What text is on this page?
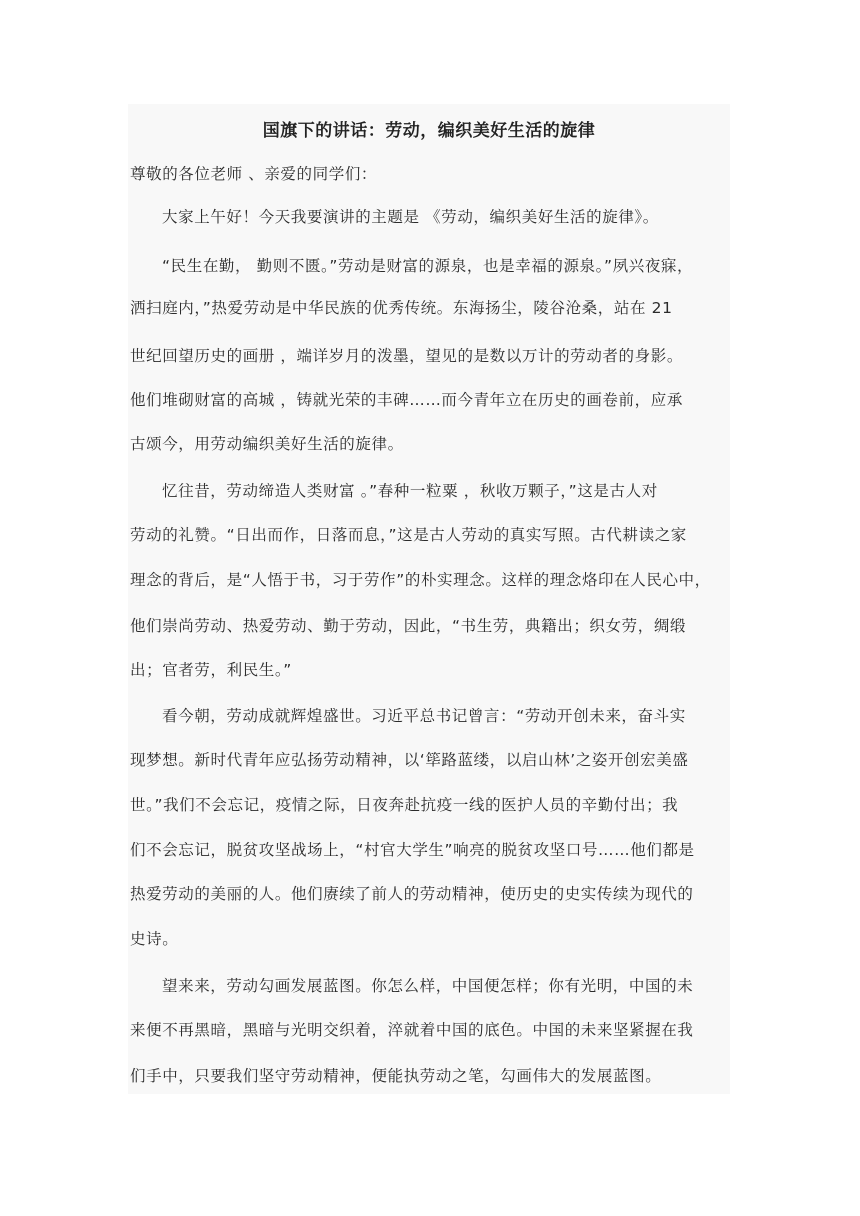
国旗下的讲话：劳动，编织美好生活的旋律
尊敬的各位老师 、亲爱的同学们：
大家上午好！今天我要演讲的主题是 《劳动，编织美好生活的旋律》。
“民生在勤， 勤则不匮。”劳动是财富的源泉，也是幸福的源泉。”夙兴夜寐，
洒扫庭内，”热爱劳动是中华民族的优秀传统。东海扬尘，陵谷沧桑，站在 21
世纪回望历史的画册 ，端详岁月的泼墨，望见的是数以万计的劳动者的身影。
他们堆砌财富的高城 ，铸就光荣的丰碑……而今青年立在历史的画卷前，应承
古颂今，用劳动编织美好生活的旋律。
忆往昔，劳动缔造人类财富 。”春种一粒粟 ，秋收万颗子，”这是古人对
劳动的礼赞。“日出而作，日落而息，”这是古人劳动的真实写照。古代耕读之家
理念的背后，是“人悟于书，习于劳作”的朴实理念。这样的理念烙印在人民心中，
他们崇尚劳动、热爱劳动、勤于劳动，因此，“书生劳，典籍出；织女劳，绸缎
出；官者劳，利民生。”
看今朝，劳动成就辉煌盛世。习近平总书记曾言：“劳动开创未来，奋斗实
现梦想。新时代青年应弘扬劳动精神，以‘筚路蓝缕，以启山林’之姿开创宏美盛
世。”我们不会忘记，疫情之际，日夜奔赴抗疫一线的医护人员的辛勤付出；我
们不会忘记，脱贫攻坚战场上，“村官大学生”响亮的脱贫攻坚口号……他们都是
热爱劳动的美丽的人。他们赓续了前人的劳动精神，使历史的史实传续为现代的
史诗。
望来来，劳动勾画发展蓝图。你怎么样，中国便怎样；你有光明，中国的未
来便不再黑暗，黑暗与光明交织着，淬就着中国的底色。中国的未来坚紧握在我
们手中，只要我们坚守劳动精神，便能执劳动之笔，勾画伟大的发展蓝图。
